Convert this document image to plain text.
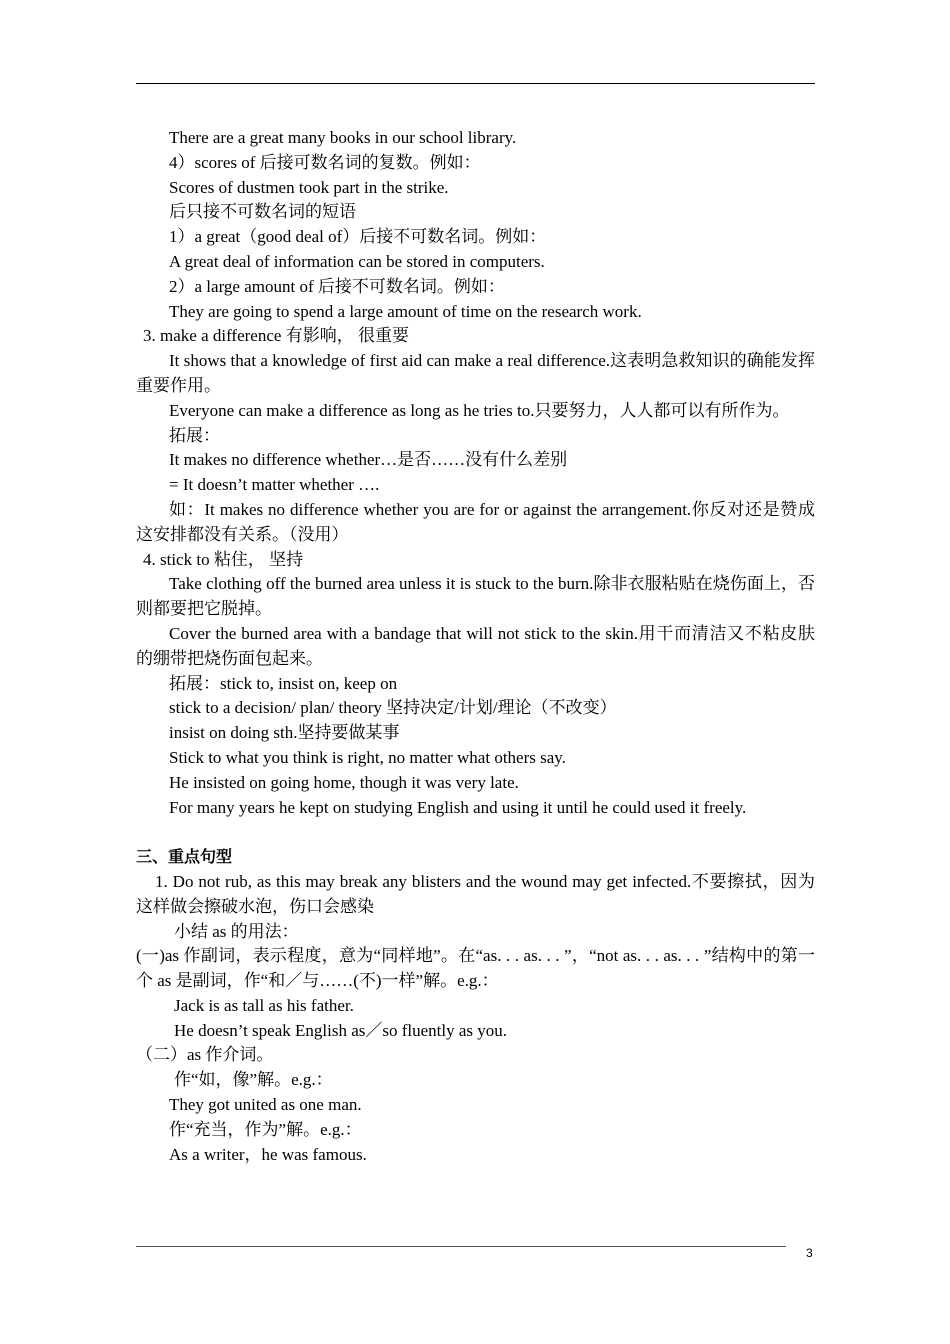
There are a great many books in our school library.

4）scores of 后接可数名词的复数。例如：

Scores of dustmen took part in the strike.

后只接不可数名词的短语

1）a great（good deal of）后接不可数名词。例如：

A great deal of information can be stored in computers.

2）a large amount of 后接不可数名词。例如：

They are going to spend a large amount of time on the research work.

3. make a difference 有影响， 很重要

It shows that a knowledge of first aid can make a real difference.这表明急救知识的确能发挥重要作用。

Everyone can make a difference as long as he tries to.只要努力，人人都可以有所作为。

拓展：

It makes no difference whether…是否……没有什么差别

= It doesn’t matter whether ….

如：It makes no difference whether you are for or against the arrangement.你反对还是赞成这安排都没有关系。（没用）

4. stick to 粘住， 坚持

Take clothing off the burned area unless it is stuck to the burn.除非衣服粘贴在烧伤面上，否则都要把它脱掉。

Cover the burned area with a bandage that will not stick to the skin.用干而清洁又不粘皮肤的绷带把烧伤面包起来。

拓展：stick to, insist on, keep on

stick to a decision/ plan/ theory 坚持决定/计划/理论（不改变）

insist on doing sth.坚持要做某事

Stick to what you think is right, no matter what others say.

He insisted on going home, though it was very late.

For many years he kept on studying English and using it until he could used it freely.

三、重点句型

1. Do not rub, as this may break any blisters and the wound may get infected.不要擦拭，因为这样做会擦破水泡，伤口会感染

小结 as 的用法：

(一)as 作副词，表示程度，意为“同样地”。在“as. . . as. . . ”，“not as. . . as. . . ”结构中的第一个 as 是副词，作“和／与……(不)一样”解。e.g.：

Jack is as tall as his father.

He doesn’t speak English as／so fluently as you.

（二）as 作介词。

作“如，像”解。e.g.：

They got united as one man.

作“充当，作为”解。e.g.：

As a writer，he was famous.

3
